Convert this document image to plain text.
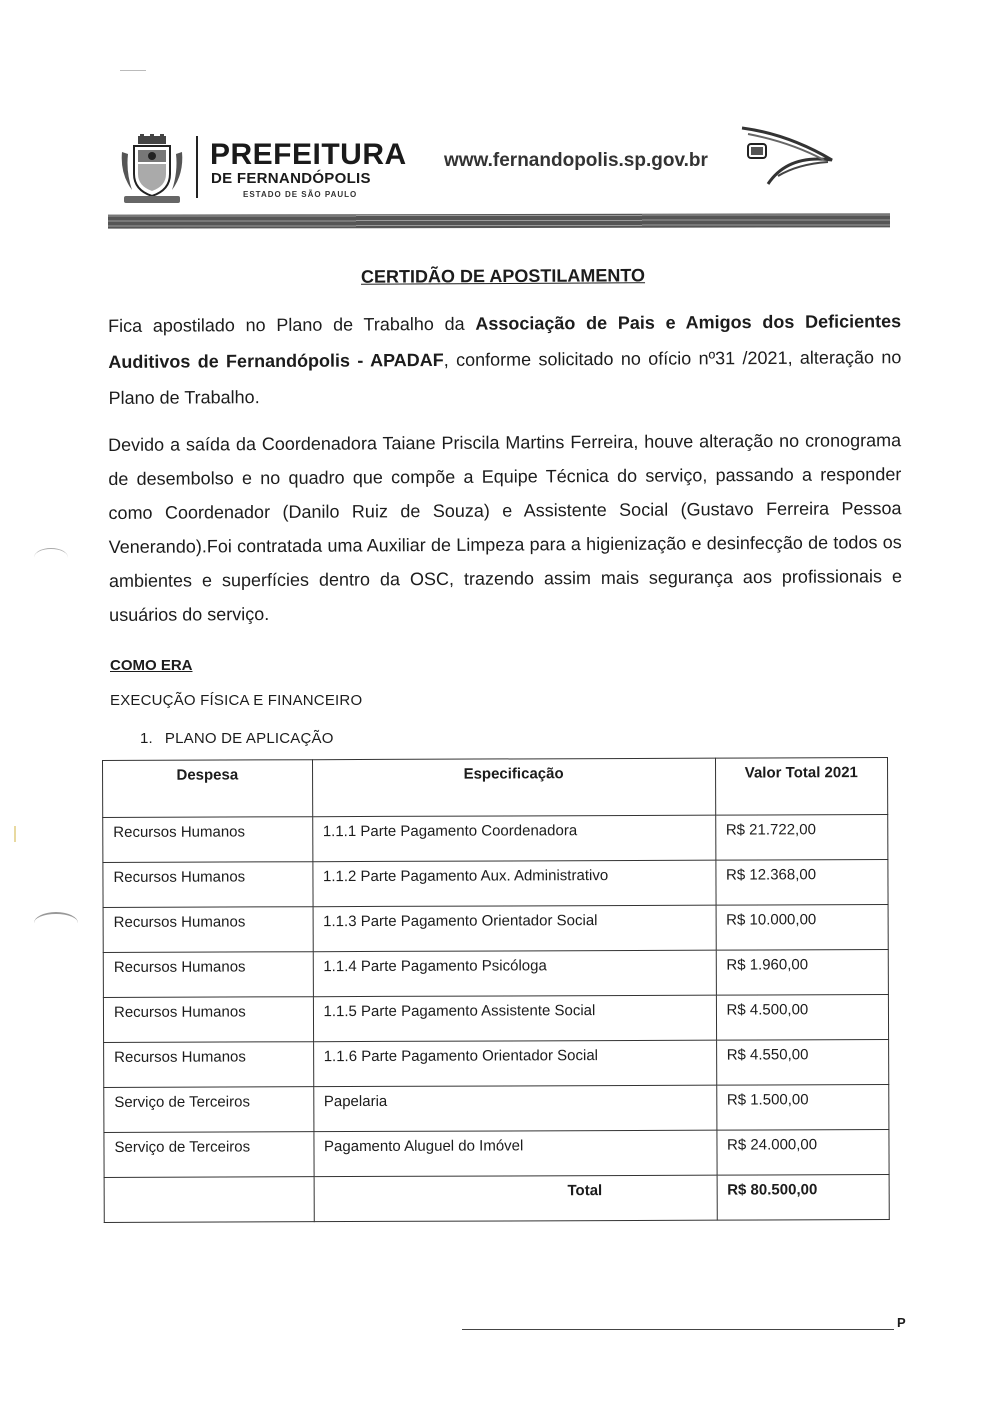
PREFEITURA
DE FERNANDÓPOLIS
ESTADO DE SÃO PAULO
www.fernandopolis.sp.gov.br
CERTIDÃO DE APOSTILAMENTO
Fica apostilado no Plano de Trabalho da Associação de Pais e Amigos dos Deficientes Auditivos de Fernandópolis - APADAF, conforme solicitado no ofício nº31 /2021, alteração no Plano de Trabalho.
Devido a saída da Coordenadora Taiane Priscila Martins Ferreira, houve alteração no cronograma de desembolso e no quadro que compõe a Equipe Técnica do serviço, passando a responder como Coordenador (Danilo Ruiz de Souza) e Assistente Social (Gustavo Ferreira Pessoa Venerando).Foi contratada uma Auxiliar de Limpeza para a higienização e desinfecção de todos os ambientes e superfícies dentro da OSC, trazendo assim mais segurança aos profissionais e usuários do serviço.
COMO ERA
EXECUÇÃO FÍSICA E FINANCEIRO
1. PLANO DE APLICAÇÃO
Despesa	Especificação	Valor Total 2021
Recursos Humanos	1.1.1 Parte Pagamento Coordenadora	R$ 21.722,00
Recursos Humanos	1.1.2 Parte Pagamento Aux. Administrativo	R$ 12.368,00
Recursos Humanos	1.1.3 Parte Pagamento Orientador Social	R$ 10.000,00
Recursos Humanos	1.1.4 Parte Pagamento Psicóloga	R$ 1.960,00
Recursos Humanos	1.1.5 Parte Pagamento Assistente Social	R$ 4.500,00
Recursos Humanos	1.1.6 Parte Pagamento Orientador Social	R$ 4.550,00
Serviço de Terceiros	Papelaria	R$ 1.500,00
Serviço de Terceiros	Pagamento Aluguel do Imóvel	R$ 24.000,00
	Total	R$ 80.500,00
P
